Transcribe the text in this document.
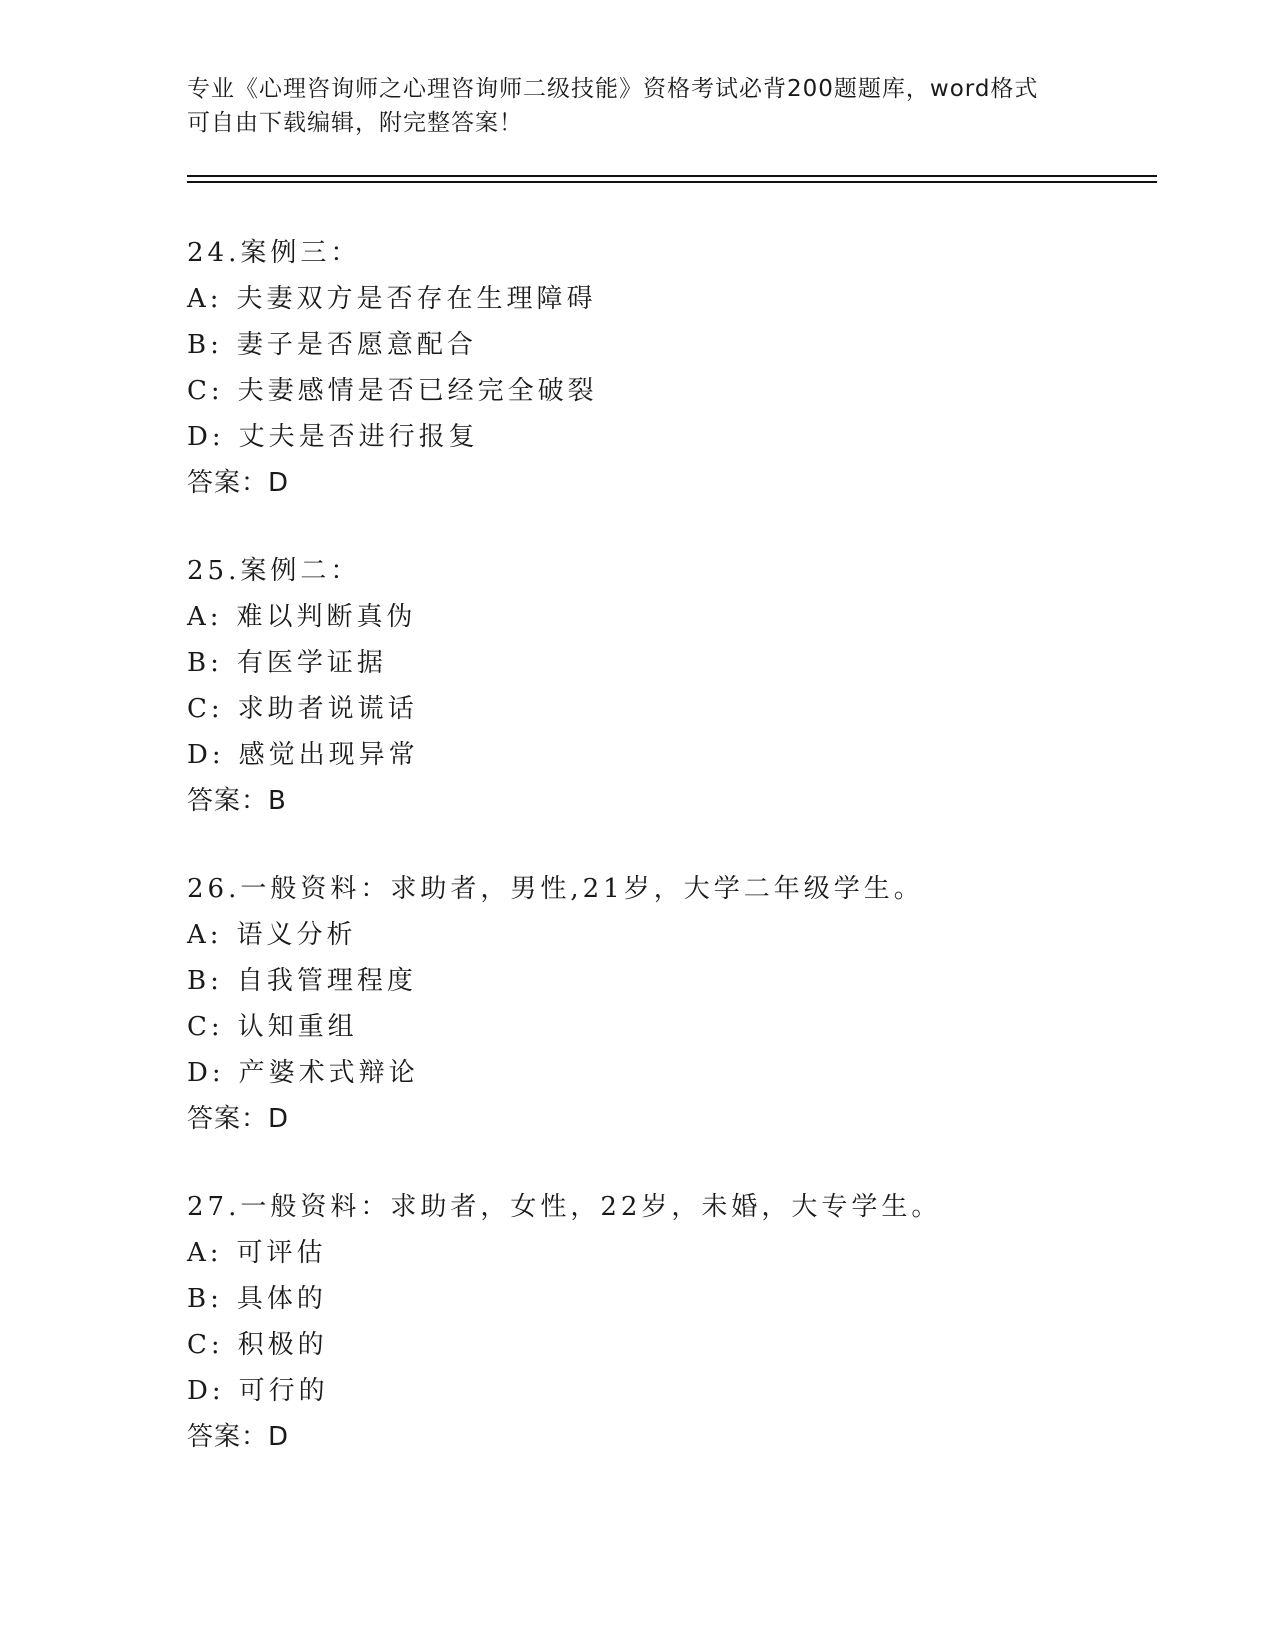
专业《心理咨询师之心理咨询师二级技能》资格考试必背200题题库，word格式
可自由下载编辑，附完整答案！
24.案例三：
A: 夫妻双方是否存在生理障碍
B: 妻子是否愿意配合
C: 夫妻感情是否已经完全破裂
D: 丈夫是否进行报复
答案：D
25.案例二：
A: 难以判断真伪
B: 有医学证据
C: 求助者说谎话
D: 感觉出现异常
答案：B
26.一般资料：求助者，男性,21岁，大学二年级学生。
A: 语义分析
B: 自我管理程度
C: 认知重组
D: 产婆术式辩论
答案：D
27.一般资料：求助者，女性，22岁，未婚，大专学生。
A: 可评估
B: 具体的
C: 积极的
D: 可行的
答案：D
